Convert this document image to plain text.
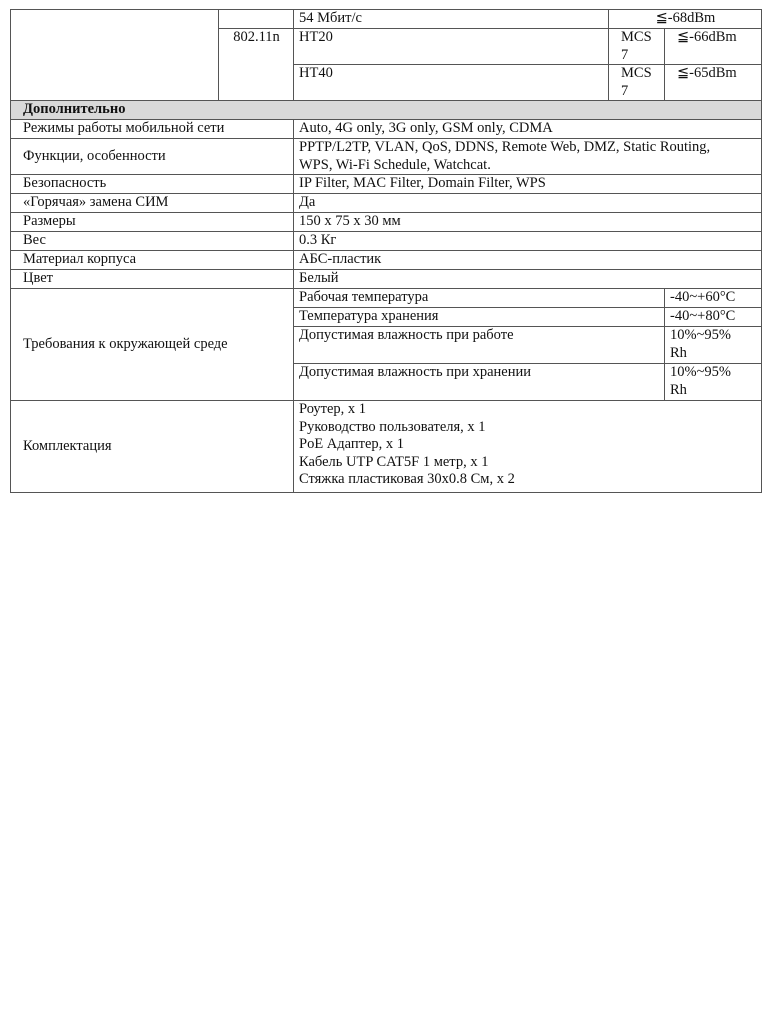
		54 Мбит/с	≦-68dBm	
	802.11n	HT20	MCS 7	≦-66dBm
		HT40	MCS 7	≦-65dBm
Дополнительно				
Режимы работы мобильной сети		Auto, 4G only, 3G only, GSM only, CDMA		
Функции, особенности		PPTP/L2TP, VLAN, QoS, DDNS, Remote Web, DMZ, Static Routing,
WPS, Wi-Fi Schedule, Watchcat.		

Безопасность		IP Filter, MAC Filter, Domain Filter, WPS		
«Горячая» замена СИМ		Да		
Размеры		150 х 75 х 30 мм		
Вес		0.3 Кг		
Материал корпуса		АБС-пластик		
Цвет		Белый		
Требования к окружающей среде		Рабочая температура		-40~+60°C
		Температура хранения		-40~+80°C
		Допустимая влажность при работе		10%~95%
Rh

		Допустимая влажность при хранении		10%~95%
Rh

Комплектация		Роутер, х 1
Руководство пользователя, х 1
PoE Адаптер, х 1
Кабель UTP CAT5F 1 метр, х 1
Стяжка пластиковая 30х0.8 См, х 2		
